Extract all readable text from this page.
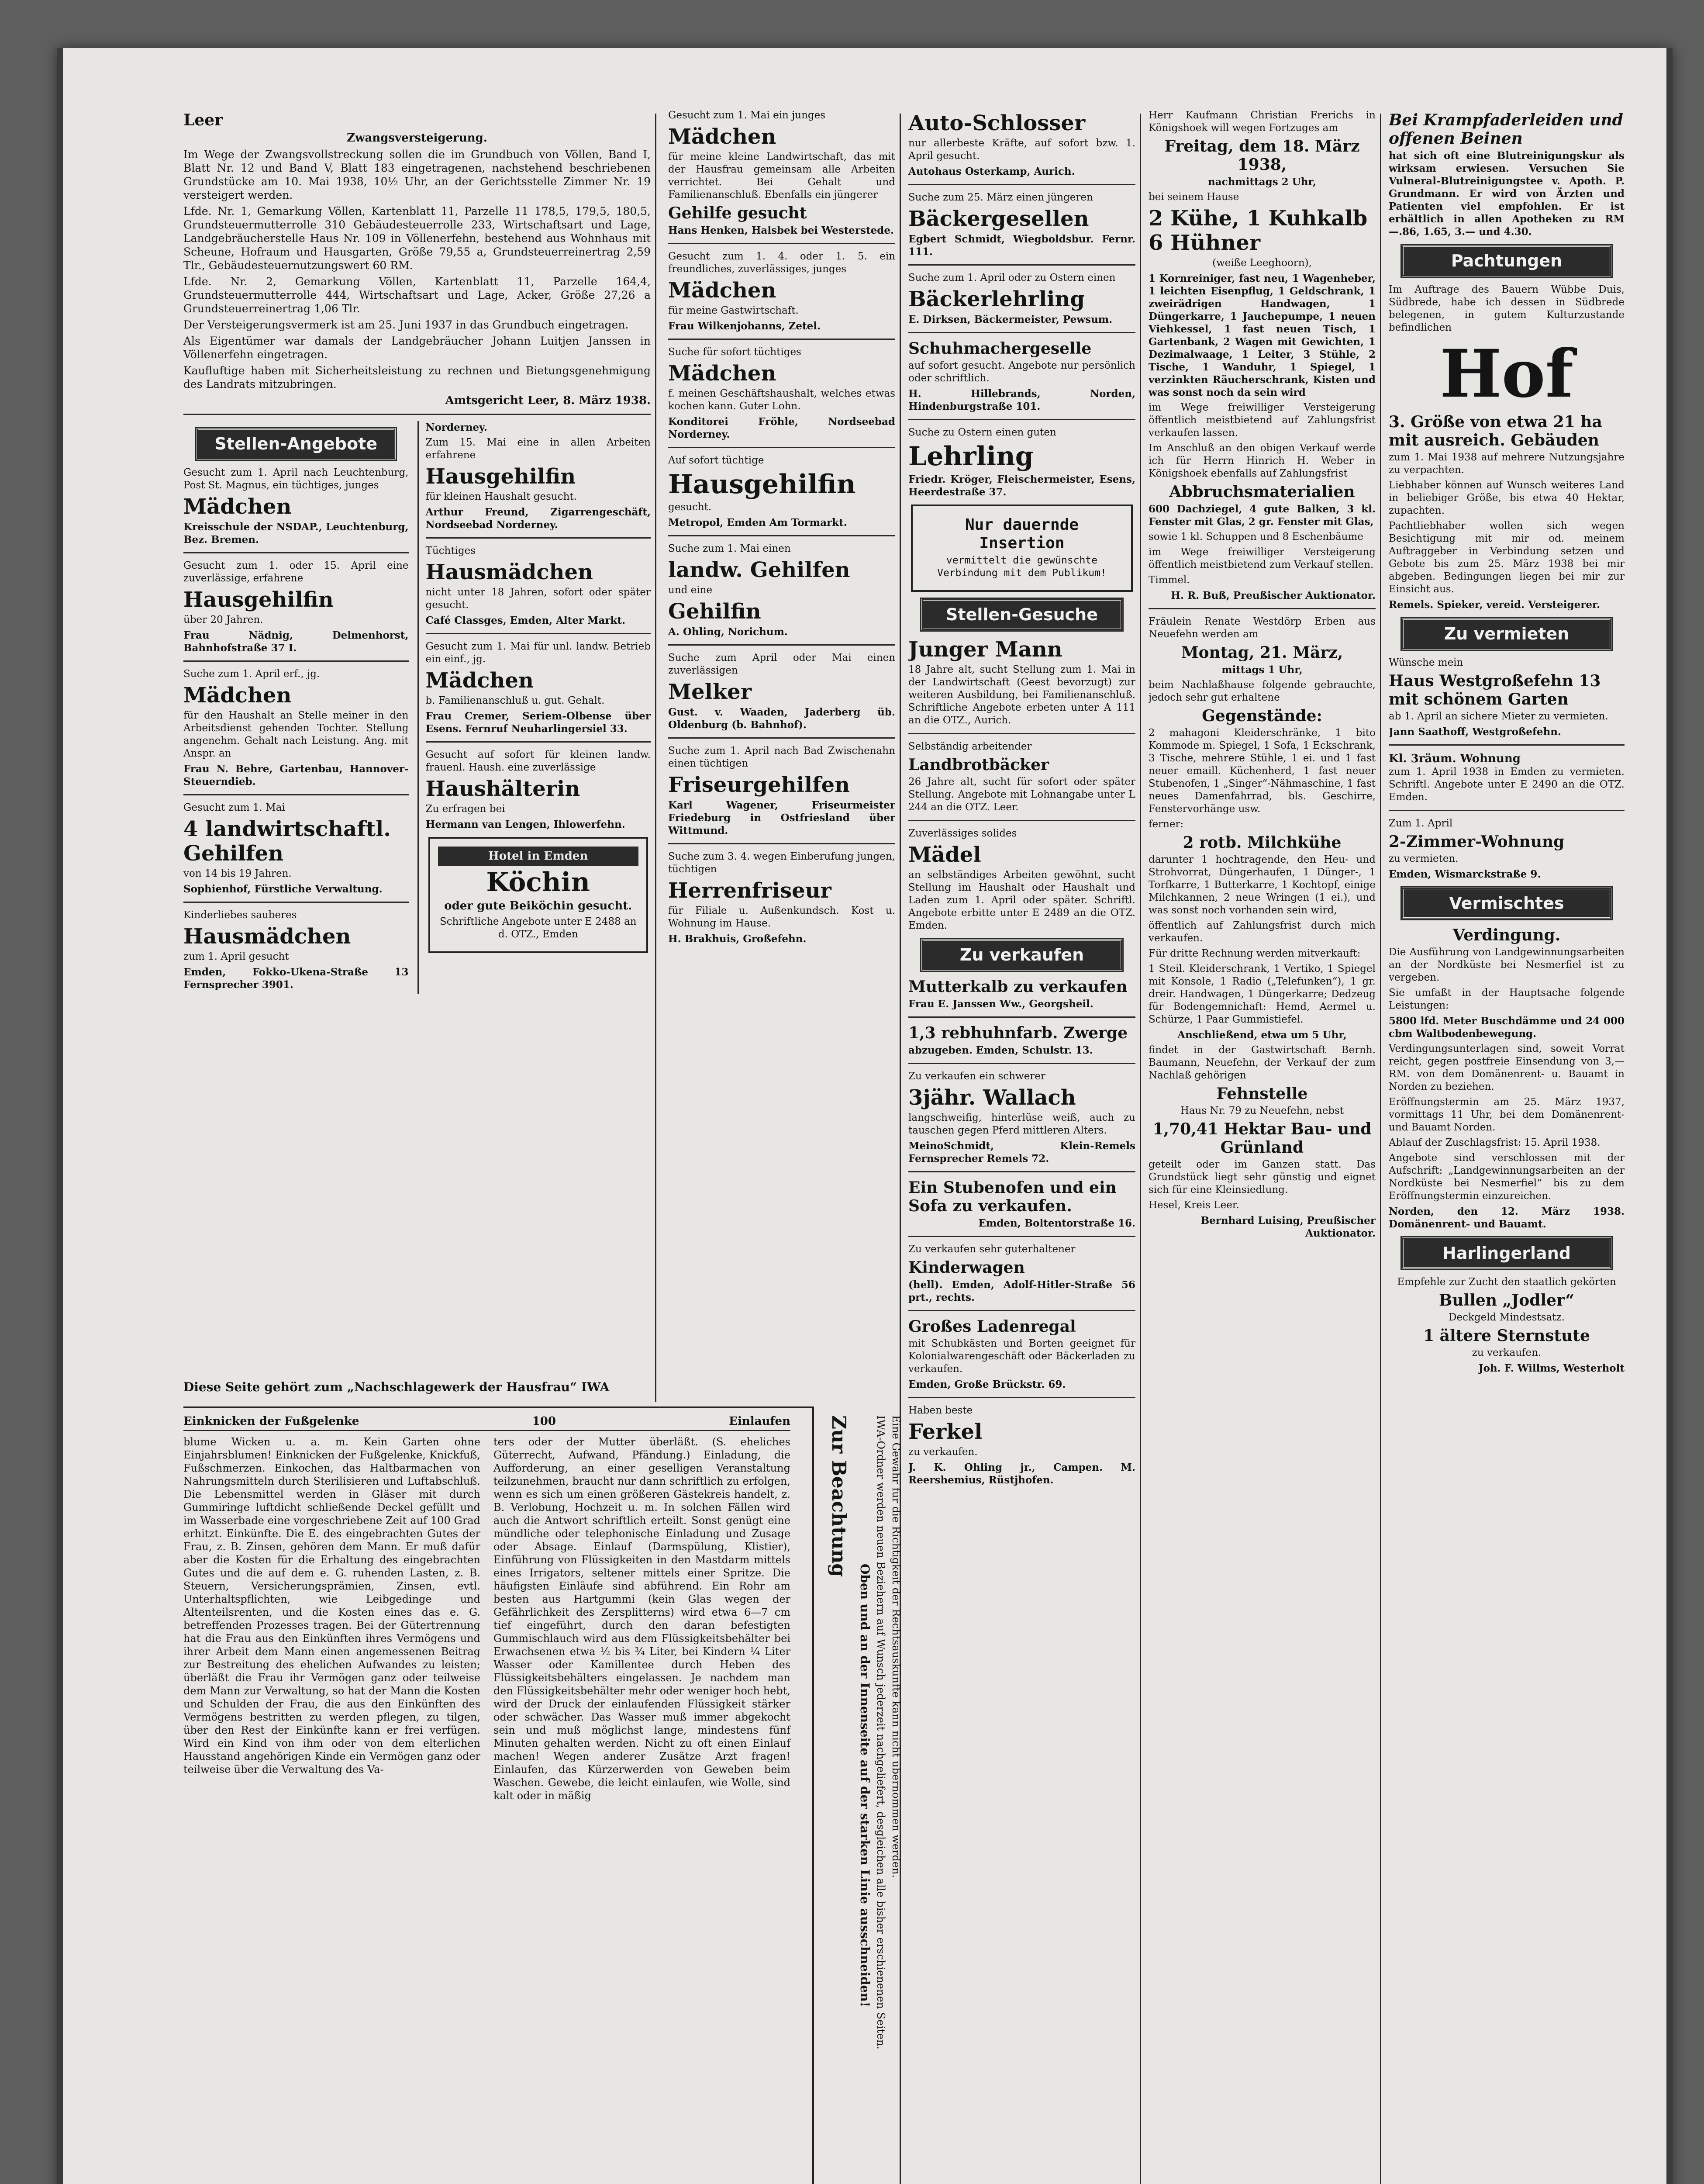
Leer

Zwangsversteigerung.

Im Wege der Zwangsvollstreckung sollen die im Grundbuch von Völlen, Band I, Blatt Nr. 12 und Band V, Blatt 183 eingetragenen, nachstehend beschriebenen Grundstücke am 10. Mai 1938, 10½ Uhr, an der Gerichtsstelle Zimmer Nr. 19 versteigert werden.

Lfde. Nr. 1, Gemarkung Völlen, Kartenblatt 11, Parzelle 11 178,5, 179,5, 180,5, Grundsteuermutterrolle 310 Gebäudesteuerrolle 233, Wirtschaftsart und Lage, Landgebräucherstelle Haus Nr. 109 in Völlenerfehn, bestehend aus Wohnhaus mit Scheune, Hofraum und Hausgarten, Größe 79,55 a, Grundsteuerreinertrag 2,59 Tlr., Gebäudesteuernutzungswert 60 RM.

Lfde. Nr. 2, Gemarkung Völlen, Kartenblatt 11, Parzelle 164,4, Grundsteuermutterrolle 444, Wirtschaftsart und Lage, Acker, Größe 27,26 a Grundsteuerreinertrag 1,06 Tlr.

Der Versteigerungsvermerk ist am 25. Juni 1937 in das Grundbuch eingetragen.

Als Eigentümer war damals der Landgebräucher Johann Luitjen Janssen in Völlenerfehn eingetragen.

Kaufluftige haben mit Sicherheitsleistung zu rechnen und Bietungsgenehmigung des Landrats mitzubringen.

Amtsgericht Leer, 8. März 1938.

Stellen-Angebote

Gesucht zum 1. April nach Leuchtenburg, Post St. Magnus, ein tüchtiges, junges

Mädchen

Kreisschule der NSDAP., Leuchtenburg, Bez. Bremen.

Gesucht zum 1. oder 15. April eine zuverlässige, erfahrene

Hausgehilfin

über 20 Jahren.

Frau Nädnig, Delmenhorst, Bahnhofstraße 37 I.

Suche zum 1. April erf., jg.

Mädchen

für den Haushalt an Stelle meiner in den Arbeitsdienst gehenden Tochter. Stellung angenehm. Gehalt nach Leistung. Ang. mit Anspr. an

Frau N. Behre, Gartenbau, Hannover-Steuerndieb.

Gesucht zum 1. Mai

4 landwirtschaftl. Gehilfen

von 14 bis 19 Jahren.

Sophienhof, Fürstliche Verwaltung.

Kinderliebes sauberes

Hausmädchen

zum 1. April gesucht

Emden, Fokko-Ukena-Straße 13 Fernsprecher 3901.

Norderney.

Zum 15. Mai eine in allen Arbeiten erfahrene

Hausgehilfin

für kleinen Haushalt gesucht.

Arthur Freund, Zigarrengeschäft, Nordseebad Norderney.

Tüchtiges

Hausmädchen

nicht unter 18 Jahren, sofort oder später gesucht.

Café Classges, Emden, Alter Markt.

Gesucht zum 1. Mai für unl. landw. Betrieb ein einf., jg.

Mädchen

b. Familienanschluß u. gut. Gehalt.

Frau Cremer, Seriem-Olbense über Esens. Fernruf Neuharlingersiel 33.

Gesucht auf sofort für kleinen landw. frauenl. Haush. eine zuverlässige

Haushälterin

Zu erfragen bei

Hermann van Lengen, Ihlowerfehn.

Hotel in Emden
Köchin

oder gute Beiköchin gesucht.

Schriftliche Angebote unter E 2488 an d. OTZ., Emden

Gesucht zum 1. Mai ein junges

Mädchen

für meine kleine Landwirtschaft, das mit der Hausfrau gemeinsam alle Arbeiten verrichtet. Bei Gehalt und Familienanschluß. Ebenfalls ein jüngerer

Gehilfe gesucht

Hans Henken, Halsbek bei Westerstede.

Gesucht zum 1. 4. oder 1. 5. ein freundliches, zuverlässiges, junges

Mädchen

für meine Gastwirtschaft.

Frau Wilkenjohanns, Zetel.

Suche für sofort tüchtiges

Mädchen

f. meinen Geschäftshaushalt, welches etwas kochen kann. Guter Lohn.

Konditorei Fröhle, Nordseebad Norderney.

Auf sofort tüchtige

Hausgehilfin

gesucht.

Metropol, Emden Am Tormarkt.

Suche zum 1. Mai einen

landw. Gehilfen

und eine

Gehilfin

A. Ohling, Norichum.

Suche zum April oder Mai einen zuverlässigen

Melker

Gust. v. Waaden, Jaderberg üb. Oldenburg (b. Bahnhof).

Suche zum 1. April nach Bad Zwischenahn einen tüchtigen

Friseurgehilfen

Karl Wagener, Friseurmeister Friedeburg in Ostfriesland über Wittmund.

Suche zum 3. 4. wegen Einberufung jungen, tüchtigen

Herrenfriseur

für Filiale u. Außenkundsch. Kost u. Wohnung im Hause.

H. Brakhuis, Großefehn.

Auto-Schlosser

nur allerbeste Kräfte, auf sofort bzw. 1. April gesucht.

Autohaus Osterkamp, Aurich.

Suche zum 25. März einen jüngeren

Bäckergesellen

Egbert Schmidt, Wiegboldsbur. Fernr. 111.

Suche zum 1. April oder zu Ostern einen

Bäckerlehrling

E. Dirksen, Bäckermeister, Pewsum.

Schuhmachergeselle

auf sofort gesucht. Angebote nur persönlich oder schriftlich.

H. Hillebrands, Norden, Hindenburgstraße 101.

Suche zu Ostern einen guten

Lehrling

Friedr. Kröger, Fleischermeister, Esens, Heerdestraße 37.

Nur dauernde Insertion

vermittelt die gewünschte Verbindung mit dem Publikum!

Stellen-Gesuche
Junger Mann

18 Jahre alt, sucht Stellung zum 1. Mai in der Landwirtschaft (Geest bevorzugt) zur weiteren Ausbildung, bei Familienanschluß. Schriftliche Angebote erbeten unter A 111 an die OTZ., Aurich.

Selbständig arbeitender

Landbrotbäcker

26 Jahre alt, sucht für sofort oder später Stellung. Angebote mit Lohnangabe unter L 244 an die OTZ. Leer.

Zuverlässiges solides

Mädel

an selbständiges Arbeiten gewöhnt, sucht Stellung im Haushalt oder Haushalt und Laden zum 1. April oder später. Schriftl. Angebote erbitte unter E 2489 an die OTZ. Emden.

Zu verkaufen
Mutterkalb zu verkaufen

Frau E. Janssen Ww., Georgsheil.

1,3 rebhuhnfarb. Zwerge

abzugeben. Emden, Schulstr. 13.

Zu verkaufen ein schwerer

3jähr. Wallach

langschweifig, hinterlüse weiß, auch zu tauschen gegen Pferd mittleren Alters.

MeinoSchmidt, Klein-Remels Fernsprecher Remels 72.

Ein Stubenofen und ein Sofa zu verkaufen.

Emden, Boltentorstraße 16.

Zu verkaufen sehr guterhaltener

Kinderwagen

(hell). Emden, Adolf-Hitler-Straße 56 prt., rechts.

Großes Ladenregal

mit Schubkästen und Borten geeignet für Kolonialwarengeschäft oder Bäckerladen zu verkaufen.

Emden, Große Brückstr. 69.

Haben beste

Ferkel

zu verkaufen.

J. K. Ohling jr., Campen. M. Reershemius, Rüstjhofen.

Herr Kaufmann Christian Frerichs in Königshoek will wegen Fortzuges am

Freitag, dem 18. März 1938,

nachmittags 2 Uhr,

bei seinem Hause

2 Kühe, 1 Kuhkalb 6 Hühner

(weiße Leeghoorn),

1 Kornreiniger, fast neu, 1 Wagenheber, 1 leichten Eisenpflug, 1 Geldschrank, 1 zweirädrigen Handwagen, 1 Düngerkarre, 1 Jauchepumpe, 1 neuen Viehkessel, 1 fast neuen Tisch, 1 Gartenbank, 2 Wagen mit Gewichten, 1 Dezimalwaage, 1 Leiter, 3 Stühle, 2 Tische, 1 Wanduhr, 1 Spiegel, 1 verzinkten Räucherschrank, Kisten und was sonst noch da sein wird

im Wege freiwilliger Versteigerung öffentlich meistbietend auf Zahlungsfrist verkaufen lassen.

Im Anschluß an den obigen Verkauf werde ich für Herrn Hinrich H. Weber in Königshoek ebenfalls auf Zahlungsfrist

Abbruchsmaterialien

600 Dachziegel, 4 gute Balken, 3 kl. Fenster mit Glas, 2 gr. Fenster mit Glas,

sowie 1 kl. Schuppen und 8 Eschenbäume

im Wege freiwilliger Versteigerung öffentlich meistbietend zum Verkauf stellen.

Timmel.

H. R. Buß, Preußischer Auktionator.

Fräulein Renate Westdörp Erben aus Neuefehn werden am

Montag, 21. März,

mittags 1 Uhr,

beim Nachlaßhause folgende gebrauchte, jedoch sehr gut erhaltene

Gegenstände:

2 mahagoni Kleiderschränke, 1 bito Kommode m. Spiegel, 1 Sofa, 1 Eckschrank, 3 Tische, mehrere Stühle, 1 ei. und 1 fast neuer emaill. Küchenherd, 1 fast neuer Stubenofen, 1 „Singer“-Nähmaschine, 1 fast neues Damenfahrrad, bls. Geschirre, Fenstervorhänge usw.

ferner:

2 rotb. Milchkühe

darunter 1 hochtragende, den Heu- und Strohvorrat, Düngerhaufen, 1 Dünger-, 1 Torfkarre, 1 Butterkarre, 1 Kochtopf, einige Milchkannen, 2 neue Wringen (1 ei.), und was sonst noch vorhanden sein wird,

öffentlich auf Zahlungsfrist durch mich verkaufen.

Für dritte Rechnung werden mitverkauft:

1 Steil. Kleiderschrank, 1 Vertiko, 1 Spiegel mit Konsole, 1 Radio („Telefunken“), 1 gr. dreir. Handwagen, 1 Düngerkarre; Dedzeug für Bodengemnichaft: Hemd, Aermel u. Schürze, 1 Paar Gummistiefel.

Anschließend, etwa um 5 Uhr,

findet in der Gastwirtschaft Bernh. Baumann, Neuefehn, der Verkauf der zum Nachlaß gehörigen

Fehnstelle

Haus Nr. 79 zu Neuefehn, nebst

1,70,41 Hektar Bau- und Grünland

geteilt oder im Ganzen statt. Das Grundstück liegt sehr günstig und eignet sich für eine Kleinsiedlung.

Hesel, Kreis Leer.

Bernhard Luising, Preußischer Auktionator.

Bei Krampfaderleiden und offenen Beinen

hat sich oft eine Blutreinigungskur als wirksam erwiesen. Versuchen Sie Vulneral-Blutreinigungstee v. Apoth. P. Grundmann. Er wird von Ärzten und Patienten viel empfohlen. Er ist erhältlich in allen Apotheken zu RM —.86, 1.65, 3.— und 4.30.

Pachtungen

Im Auftrage des Bauern Wübbe Duis, Südbrede, habe ich dessen in Südbrede belegenen, in gutem Kulturzustande befindlichen

Hof
3. Größe von etwa 21 ha mit ausreich. Gebäuden

zum 1. Mai 1938 auf mehrere Nutzungsjahre zu verpachten.

Liebhaber können auf Wunsch weiteres Land in beliebiger Größe, bis etwa 40 Hektar, zupachten.

Pachtliebhaber wollen sich wegen Besichtigung mit mir od. meinem Auftraggeber in Verbindung setzen und Gebote bis zum 25. März 1938 bei mir abgeben. Bedingungen liegen bei mir zur Einsicht aus.

Remels. Spieker, vereid. Versteigerer.

Zu vermieten

Wünsche mein

Haus Westgroßefehn 13 mit schönem Garten

ab 1. April an sichere Mieter zu vermieten.

Jann Saathoff, Westgroßefehn.

Kl. 3räum. Wohnung

zum 1. April 1938 in Emden zu vermieten. Schriftl. Angebote unter E 2490 an die OTZ. Emden.

Zum 1. April

2-Zimmer-Wohnung

zu vermieten.

Emden, Wismarckstraße 9.

Vermischtes
Verdingung.

Die Ausführung von Landgewinnungsarbeiten an der Nordküste bei Nesmerfiel ist zu vergeben.

Sie umfaßt in der Hauptsache folgende Leistungen:

5800 lfd. Meter Buschdämme und 24 000 cbm Waltbodenbewegung.

Verdingungsunterlagen sind, soweit Vorrat reicht, gegen postfreie Einsendung von 3,— RM. von dem Domänenrent- u. Bauamt in Norden zu beziehen.

Eröffnungstermin am 25. März 1937, vormittags 11 Uhr, bei dem Domänenrent- und Bauamt Norden.

Ablauf der Zuschlagsfrist: 15. April 1938.

Angebote sind verschlossen mit der Aufschrift: „Landgewinnungsarbeiten an der Nordküste bei Nesmerfiel“ bis zu dem Eröffnungstermin einzureichen.

Norden, den 12. März 1938. Domänenrent- und Bauamt.

Harlingerland

Empfehle zur Zucht den staatlich gekörten

Bullen „Jodler“

Deckgeld Mindestsatz.

1 ältere Sternstute

zu verkaufen.

Joh. F. Willms, Westerholt

Diese Seite gehört zum „Nachschlagewerk der Hausfrau“ IWA
Einknicken der Fußgelenke	100	Einlaufen

blume Wicken u. a. m. Kein Garten ohne Einjahrsblumen! Einknicken der Fußgelenke, Knickfuß, Fußschmerzen. Einkochen, das Haltbarmachen von Nahrungsmitteln durch Sterilisieren und Luftabschluß. Die Lebensmittel werden in Gläser mit durch Gummiringe luftdicht schließende Deckel gefüllt und im Wasserbade eine vorgeschriebene Zeit auf 100 Grad erhitzt. Einkünfte. Die E. des eingebrachten Gutes der Frau, z. B. Zinsen, gehören dem Mann. Er muß dafür aber die Kosten für die Erhaltung des eingebrachten Gutes und die auf dem e. G. ruhenden Lasten, z. B. Steuern, Versicherungsprämien, Zinsen, evtl. Unterhaltspflichten, wie Leibgedinge und Altenteilsrenten, und die Kosten eines das e. G. betreffenden Prozesses tragen. Bei der Gütertrennung hat die Frau aus den Einkünften ihres Vermögens und ihrer Arbeit dem Mann einen angemessenen Beitrag zur Bestreitung des ehelichen Aufwandes zu leisten; überläßt die Frau ihr Vermögen ganz oder teilweise dem Mann zur Verwaltung, so hat der Mann die Kosten und Schulden der Frau, die aus den Einkünften des Vermögens bestritten zu werden pflegen, zu tilgen, über den Rest der Einkünfte kann er frei verfügen. Wird ein Kind von ihm oder von dem elterlichen Hausstand angehörigen Kinde ein Vermögen ganz oder teilweise über die Verwaltung des Va-

ters oder der Mutter überläßt. (S. eheliches Güterrecht, Aufwand, Pfändung.) Einladung, die Aufforderung, an einer geselligen Veranstaltung teilzunehmen, braucht nur dann schriftlich zu erfolgen, wenn es sich um einen größeren Gästekreis handelt, z. B. Verlobung, Hochzeit u. m. In solchen Fällen wird auch die Antwort schriftlich erteilt. Sonst genügt eine mündliche oder telephonische Einladung und Zusage oder Absage. Einlauf (Darmspülung, Klistier), Einführung von Flüssigkeiten in den Mastdarm mittels eines Irrigators, seltener mittels einer Spritze. Die häufigsten Einläufe sind abführend. Ein Rohr am besten aus Hartgummi (kein Glas wegen der Gefährlichkeit des Zersplitterns) wird etwa 6—7 cm tief eingeführt, durch den daran befestigten Gummischlauch wird aus dem Flüssigkeitsbehälter bei Erwachsenen etwa ½ bis ¾ Liter, bei Kindern ¼ Liter Wasser oder Kamillentee durch Heben des Flüssigkeitsbehälters eingelassen. Je nachdem man den Flüssigkeitsbehälter mehr oder weniger hoch hebt, wird der Druck der einlaufenden Flüssigkeit stärker oder schwächer. Das Wasser muß immer abgekocht sein und muß möglichst lange, mindestens fünf Minuten gehalten werden. Nicht zu oft einen Einlauf machen! Wegen anderer Zusätze Arzt fragen! Einlaufen, das Kürzerwerden von Geweben beim Waschen. Gewebe, die leicht einlaufen, wie Wolle, sind kalt oder in mäßig

Zur Beachtung
Oben und an der Innenseite auf der starken Linie ausschneiden! IWA-Ordner werden neuen Beziehern auf Wunsch jederzeit nachgeliefert, desgleichen alle bisher erschienenen Seiten. Eine Gewähr für die Richtigkeit der Rechtsauskünfte kann nicht übernommen werden.
